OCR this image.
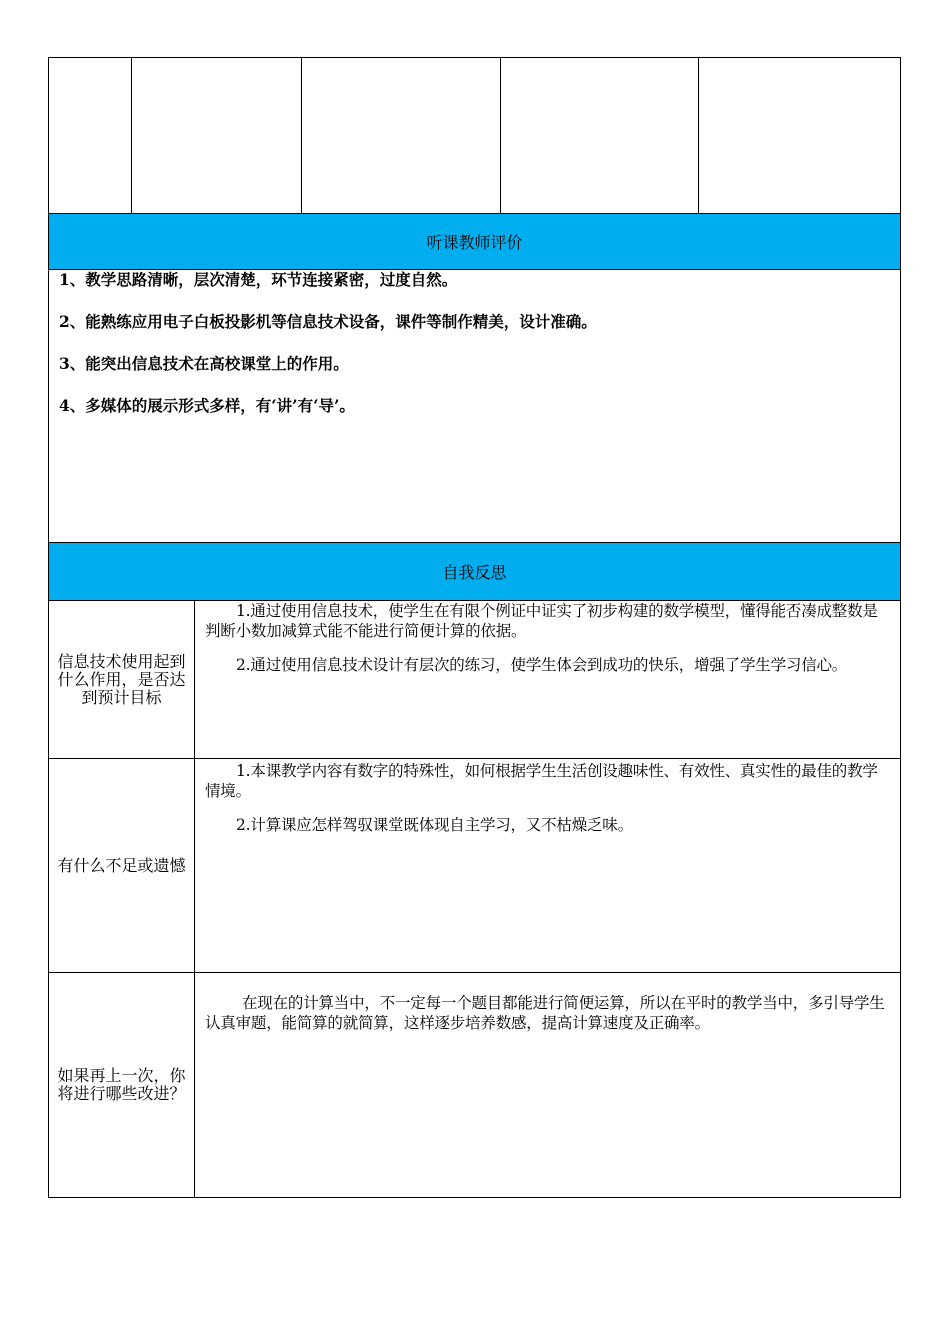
听课教师评价

1、教学思路清晰，层次清楚，环节连接紧密，过度自然。

2、能熟练应用电子白板投影机等信息技术设备，课件等制作精美，设计准确。

3、能突出信息技术在高校课堂上的作用。

4、多媒体的展示形式多样，有‘讲’有‘导’。

自我反思
信息技术使用起到什么作用，是否达到预计目标

1.通过使用信息技术，使学生在有限个例证中证实了初步构建的数学模型，懂得能否凑成整数是判断小数加减算式能不能进行简便计算的依据。

2.通过使用信息技术设计有层次的练习，使学生体会到成功的快乐，增强了学生学习信心。

有什么不足或遗憾

1.本课教学内容有数字的特殊性，如何根据学生生活创设趣味性、有效性、真实性的最佳的教学情境。

2.计算课应怎样驾驭课堂既体现自主学习，又不枯燥乏味。

如果再上一次，你将进行哪些改进？

在现在的计算当中，不一定每一个题目都能进行简便运算，所以在平时的教学当中，多引导学生认真审题，能简算的就简算，这样逐步培养数感，提高计算速度及正确率。
